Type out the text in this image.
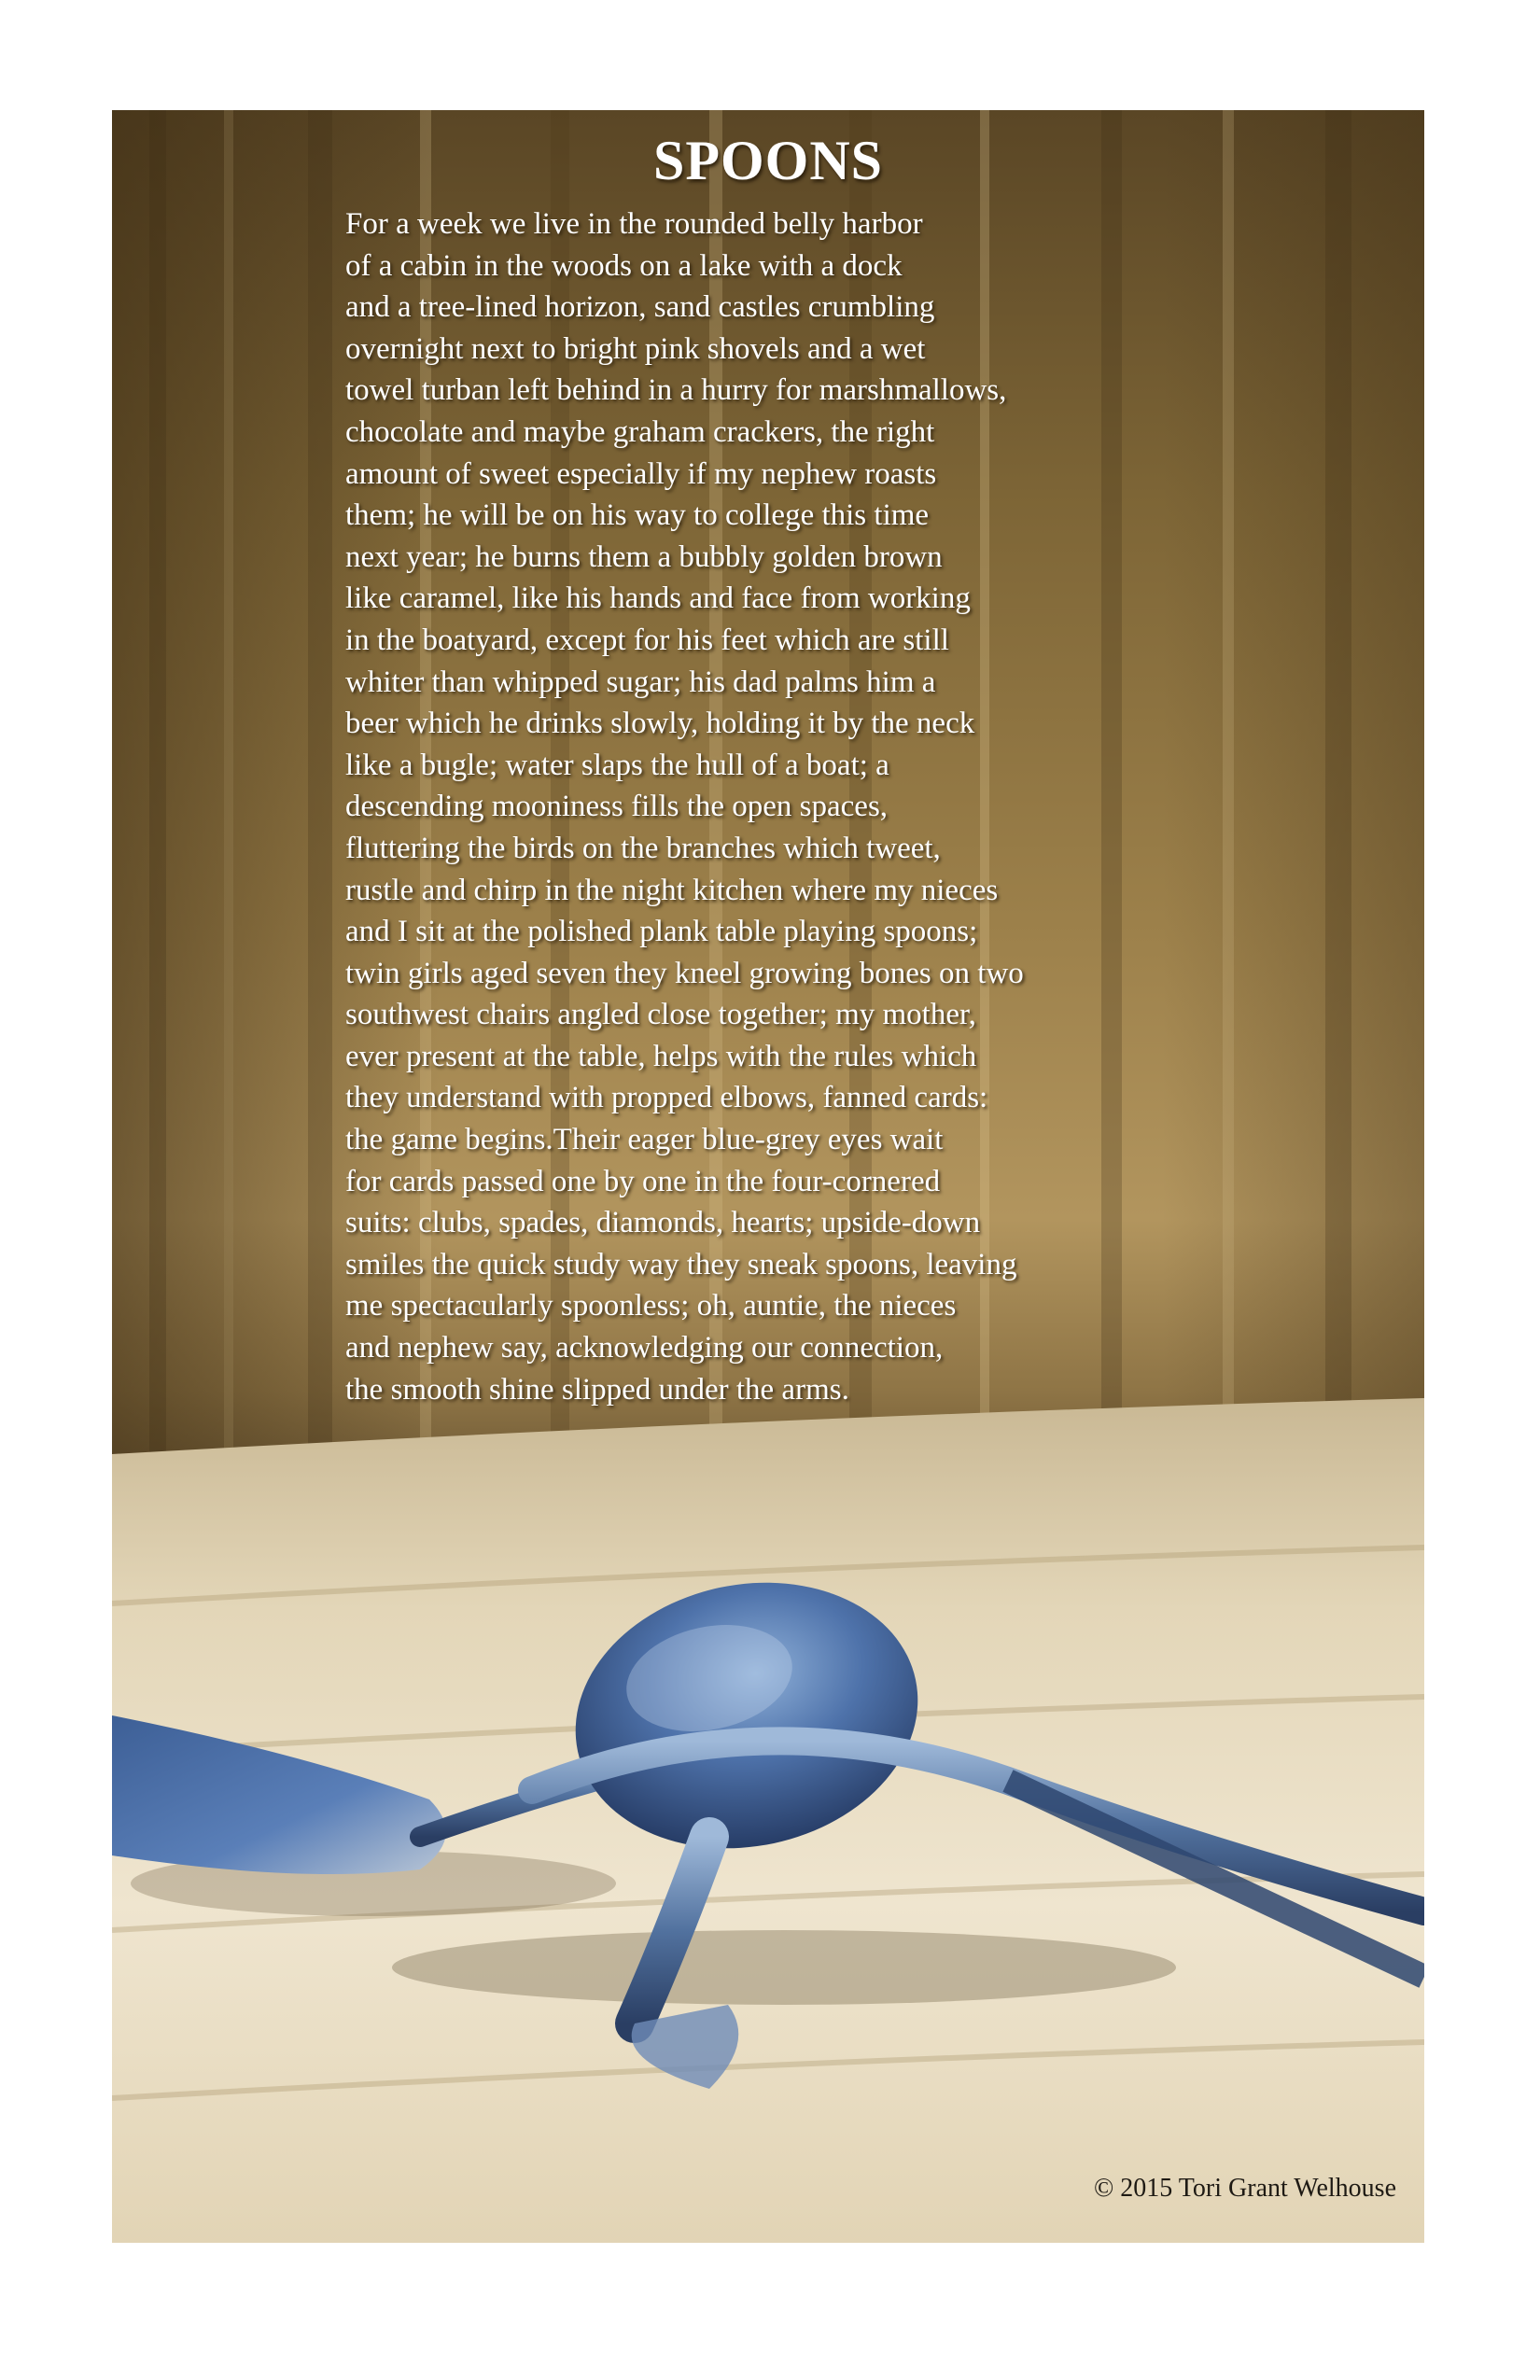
SPOONS
For a week we live in the rounded belly harbor
of a cabin in the woods on a lake with a dock
and a tree-lined horizon, sand castles crumbling
overnight next to bright pink shovels and a wet
towel turban left behind in a hurry for marshmallows,
chocolate and maybe graham crackers, the right
amount of sweet especially if my nephew roasts
them; he will be on his way to college this time
next year; he burns them a bubbly golden brown
like caramel, like his hands and face from working
in the boatyard, except for his feet which are still
whiter than whipped sugar; his dad palms him a
beer which he drinks slowly, holding it by the neck
like a bugle; water slaps the hull of a boat; a
descending mooniness fills the open spaces,
fluttering the birds on the branches which tweet,
rustle and chirp in the night kitchen where my nieces
and I sit at the polished plank table playing spoons;
twin girls aged seven they kneel growing bones on two
southwest chairs angled close together; my mother,
ever present at the table, helps with the rules which
they understand with propped elbows, fanned cards:
the game begins.Their eager blue-grey eyes wait
for cards passed one by one in the four-cornered
suits: clubs, spades, diamonds, hearts; upside-down
smiles the quick study way they sneak spoons, leaving
me spectacularly spoonless; oh, auntie, the nieces
and nephew say, acknowledging our connection,
the smooth shine slipped under the arms.
© 2015 Tori Grant Welhouse
